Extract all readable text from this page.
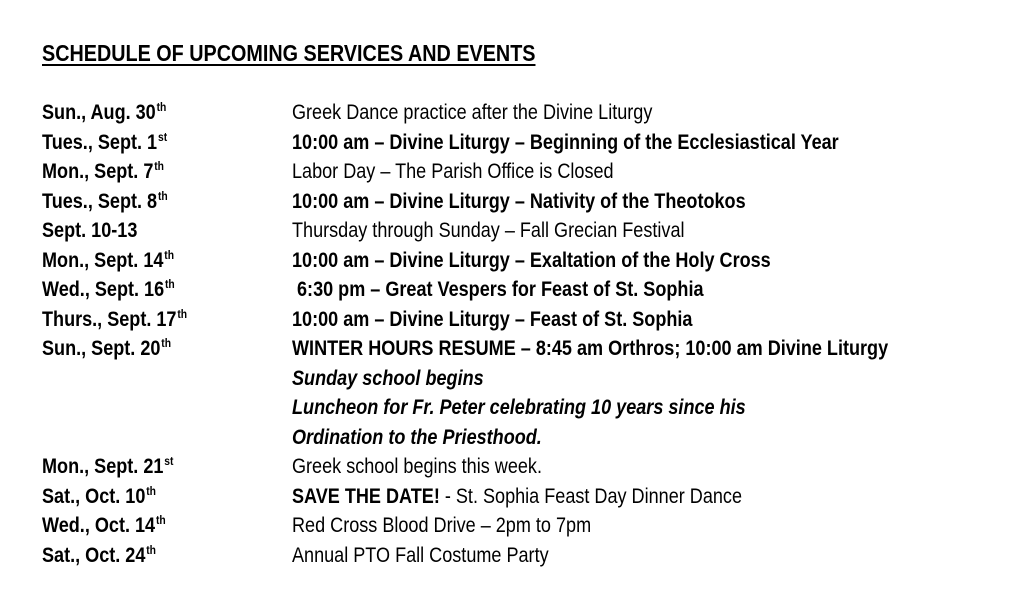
SCHEDULE OF UPCOMING SERVICES AND EVENTS
Sun., Aug. 30th	Greek Dance practice after the Divine Liturgy
Tues., Sept. 1st	10:00 am – Divine Liturgy – Beginning of the Ecclesiastical Year
Mon., Sept. 7th	Labor Day – The Parish Office is Closed
Tues., Sept. 8th	10:00 am – Divine Liturgy – Nativity of the Theotokos
Sept. 10-13	Thursday through Sunday – Fall Grecian Festival
Mon., Sept. 14th	10:00 am – Divine Liturgy – Exaltation of the Holy Cross
Wed., Sept. 16th	6:30 pm – Great Vespers for Feast of St. Sophia
Thurs., Sept. 17th	10:00 am – Divine Liturgy – Feast of St. Sophia
Sun., Sept. 20th	WINTER HOURS RESUME – 8:45 am Orthros; 10:00 am Divine Liturgy
Sunday school begins
Luncheon for Fr. Peter celebrating 10 years since his
Ordination to the Priesthood.
Mon., Sept. 21st	Greek school begins this week.
Sat., Oct. 10th	SAVE THE DATE! - St. Sophia Feast Day Dinner Dance
Wed., Oct. 14th	Red Cross Blood Drive – 2pm to 7pm
Sat., Oct. 24th	Annual PTO Fall Costume Party
